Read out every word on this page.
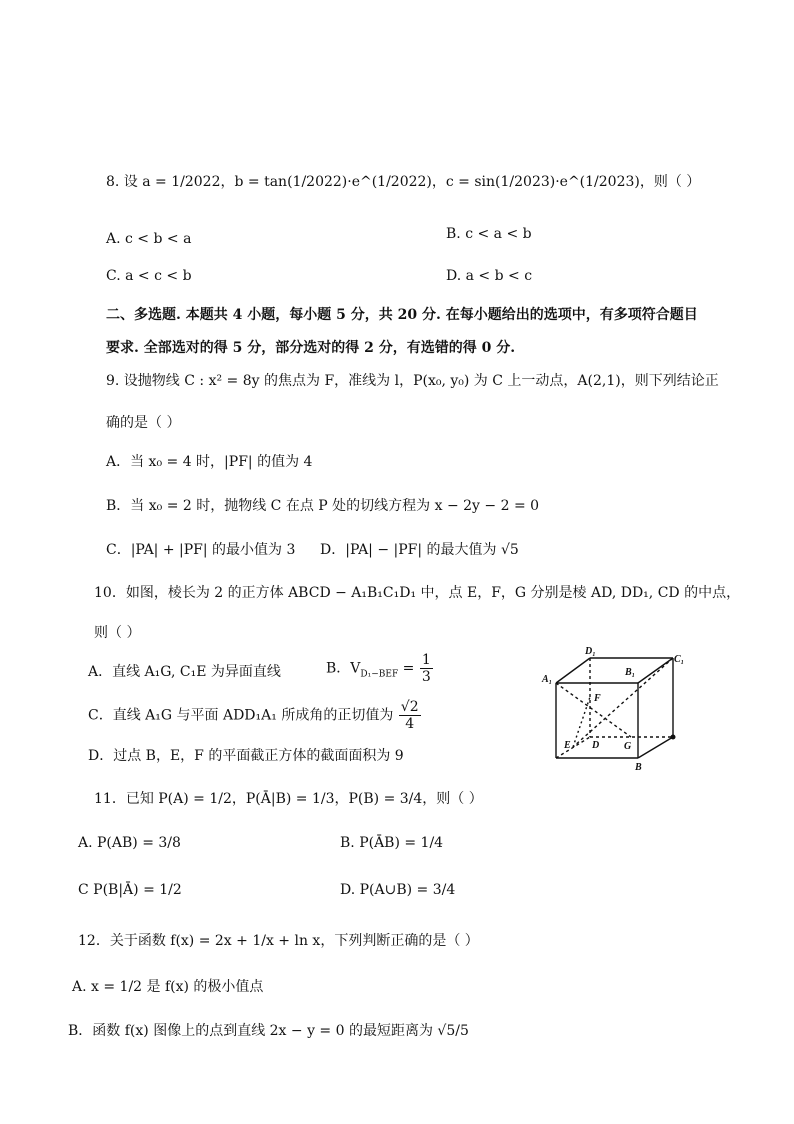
8. 设 a = 1/2022，b = tan(1/2022)·e^(1/2022)，c = sin(1/2023)·e^(1/2023)，则（ ）
A. c < b < a	B. c < a < b
C. a < c < b	D. a < b < c
二、多选题. 本题共 4 小题，每小题 5 分，共 20 分. 在每小题给出的选项中，有多项符合题目
要求. 全部选对的得 5 分，部分选对的得 2 分，有选错的得 0 分.
9. 设抛物线 C : x² = 8y 的焦点为 F，准线为 l，P(x₀, y₀) 为 C 上一动点，A(2,1)，则下列结论正
确的是（ ）
A．当 x₀ = 4 时，|PF| 的值为 4
B．当 x₀ = 2 时，抛物线 C 在点 P 处的切线方程为 x − 2y − 2 = 0
C．|PA| + |PF| 的最小值为 3 D．|PA| − |PF| 的最大值为 √5
10．如图，棱长为 2 的正方体 ABCD − A₁B₁C₁D₁ 中，点 E，F，G 分别是棱 AD, DD₁, CD 的中点，
则（ ）
A．直线 A₁G, C₁E 为异面直线	B．$V_{D_1-BEF} = \frac{1}{3}$
C．直线 A₁G 与平面 ADD₁A₁ 所成角的正切值为 $\frac{√2}{4}$
D．过点 B，E，F 的平面截正方体的截面面积为 9
D₁
C₁
A₁
B₁
F
E D G
B
11．已知 P(A) = 1/2，P(Ā|B) = 1/3，P(B) = 3/4，则（ ）
A. P(AB) = 3/8	B. P(ĀB) = 1/4
C P(B|Ā) = 1/2	D. P(A∪B) = 3/4
12．关于函数 f(x) = 2x + 1/x + ln x，下列判断正确的是（ ）
A. x = 1/2 是 f(x) 的极小值点
B．函数 f(x) 图像上的点到直线 2x − y = 0 的最短距离为 √5/5
